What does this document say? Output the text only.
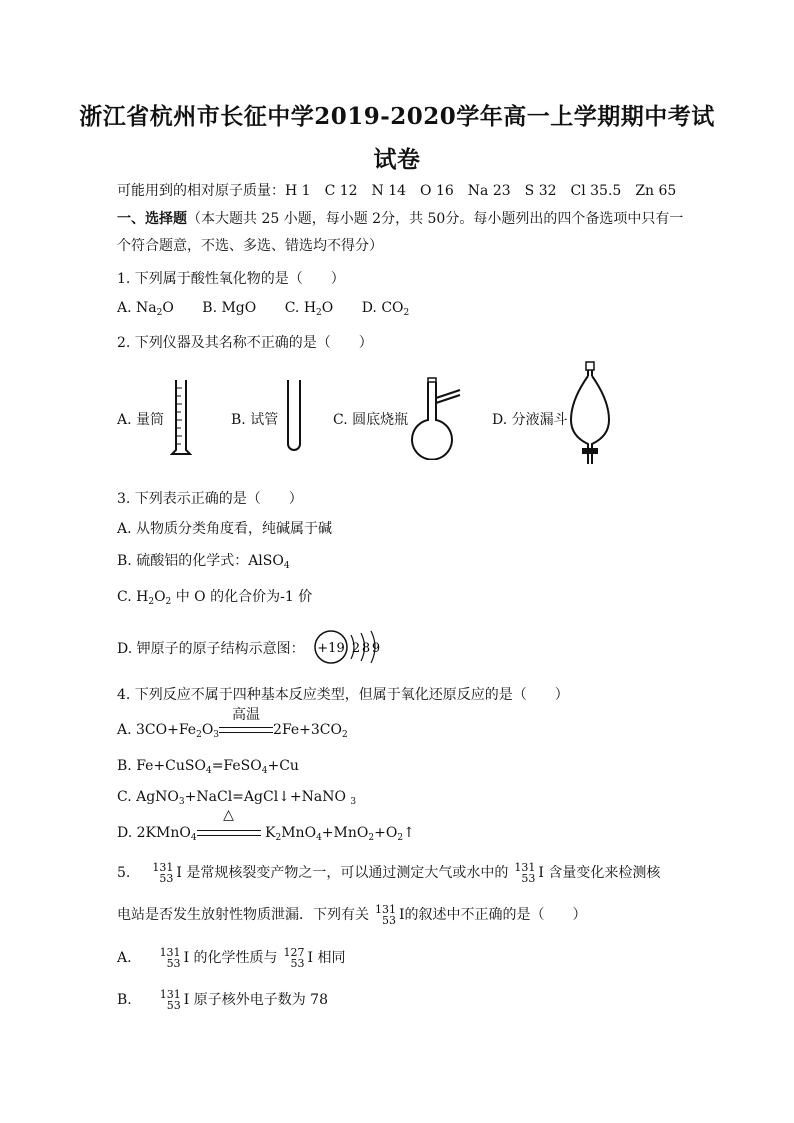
浙江省杭州市长征中学2019-2020学年高一上学期期中考试
试卷
可能用到的相对原子质量：H 1　C 12　N 14　O 16　Na 23　S 32　Cl 35.5　Zn 65
一、选择题（本大题共 25 小题，每小题 2分，共 50分。每小题列出的四个备选项中只有一
个符合题意，不选、多选、错选均不得分）
1. 下列属于酸性氧化物的是（　　）
A. $Na_2O$ B. MgO C. $H_2O$ D. $CO_2$
2. 下列仪器及其名称不正确的是（　　）
A. 量筒	B. 试管	C. 圆底烧瓶	D. 分液漏斗
3. 下列表示正确的是（　　）
A. 从物质分类角度看，纯碱属于碱
B. 硫酸铝的化学式：AlSO$_4$
C. $H_2O_2$ 中 O 的化合价为-1 价
D. 钾原子的原子结构示意图： +19 2 8 9
4. 下列反应不属于四种基本反应类型，但属于氧化还原反应的是（　　）
A. $3CO+Fe_2O_3$
高温
$2Fe+3CO_2$
B. Fe+CuSO$_4$=FeSO$_4$+Cu
C. AgNO$_3$+NaCl=AgCl↓+NaNO $_3$
D. 2KMnO$_4$
△
$K_2MnO_4+MnO_2+O_2↑$
5. 131
53 I 是常规核裂变产物之一，可以通过测定大气或水中的 131
53 I 含量变化来检测核
电站是否发生放射性物质泄漏．下列有关 131
53 I的叙述中不正确的是（　　）
A.	131
53 I 的化学性质与 127
53 I 相同
B.	131
53 I 原子核外电子数为 78
